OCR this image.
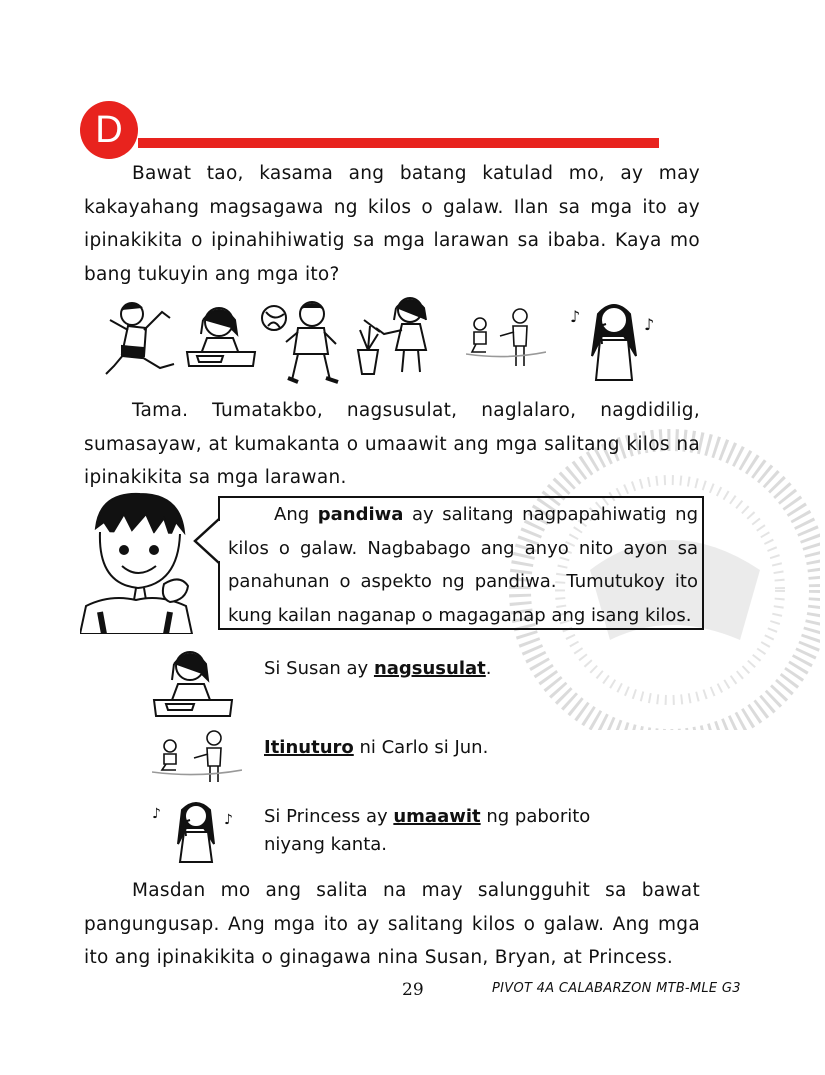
D

Bawat tao, kasama ang batang katulad mo, ay may kakayahang magsagawa ng kilos o galaw. Ilan sa mga ito ay ipinakikita o ipinahihiwatig sa mga larawan sa ibaba. Kaya mo bang tukuyin ang mga ito?

♪	♪

Tama. Tumatakbo, nagsusulat, naglalaro, nagdidilig, sumasayaw, at kumakanta o umaawit ang mga salitang kilos na ipinakikita sa mga larawan.

Ang pandiwa ay salitang nagpapahiwatig ng kilos o galaw. Nagbabago ang anyo nito ayon sa panahunan o aspekto ng pandiwa. Tumutukoy ito kung kailan naganap o magaganap ang isang kilos.

Si Susan ay nagsusulat.

Itinuturo ni Carlo si Jun.

♪	♪ Si Princess ay umaawit ng paborito niyang kanta.

Masdan mo ang salita na may salungguhit sa bawat pangungusap. Ang mga ito ay salitang kilos o galaw. Ang mga ito ang ipinakikita o ginagawa nina Susan, Bryan, at Princess.

29	PIVOT 4A CALABARZON MTB-MLE G3
